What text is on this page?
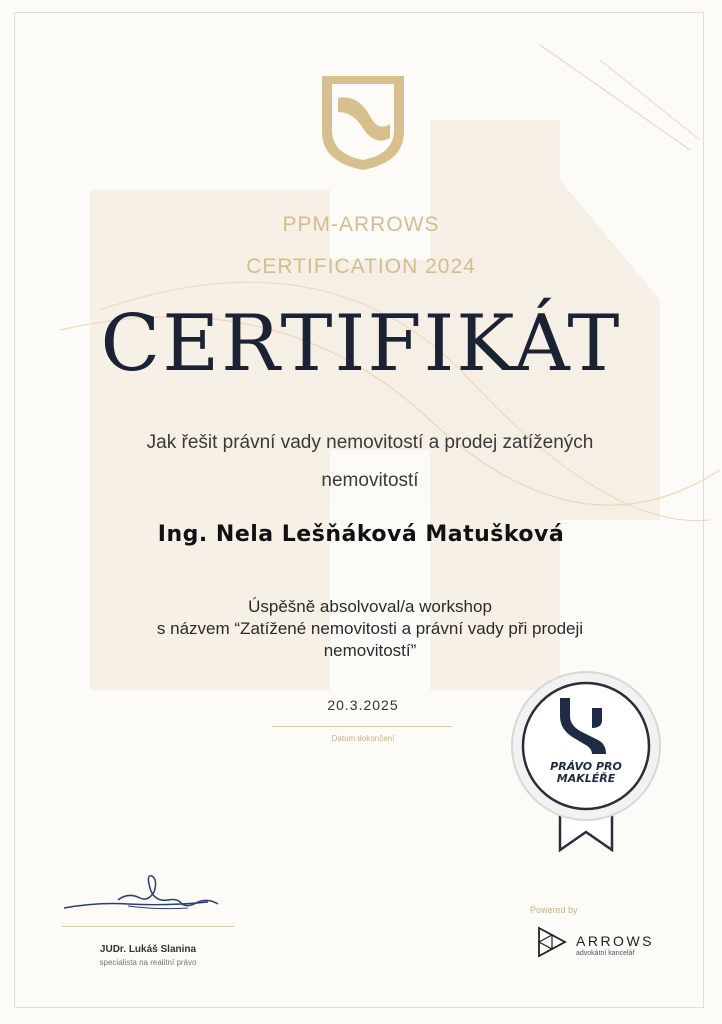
PPM-ARROWS
CERTIFICATION 2024
CERTIFIKÁT
Jak řešit právní vady nemovitostí a prodej zatížených
nemovitostí
Ing. Nela Lešňáková Matušková
Úspěšně absolvoval/a workshop
s názvem “Zatížené nemovitosti a právní vady při prodeji
nemovitostí”
20.3.2025
Datum dokončení
PRÁVO PRO
MAKLÉŘE
JUDr. Lukáš Slanina
specialista na realitní právo
Powered by
ARROWS
advokátní kancelář
